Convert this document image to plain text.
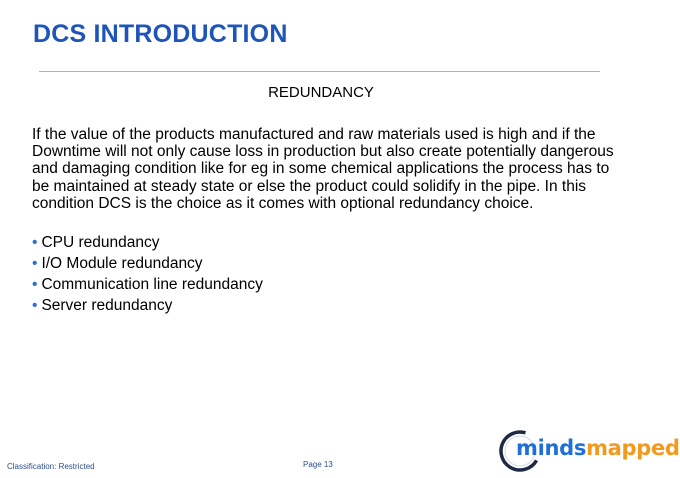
DCS INTRODUCTION
REDUNDANCY

If the value of the products manufactured and raw materials used is high and if the Downtime will not only cause loss in production but also create potentially dangerous and damaging condition like for eg in some chemical applications the process has to be maintained at steady state or else the product could solidify in the pipe. In this condition DCS is the choice as it comes with optional redundancy choice.

• CPU redundancy
• I/O Module redundancy
• Communication line redundancy
• Server redundancy
Classification: Restricted	Page 13
mindsmapped
